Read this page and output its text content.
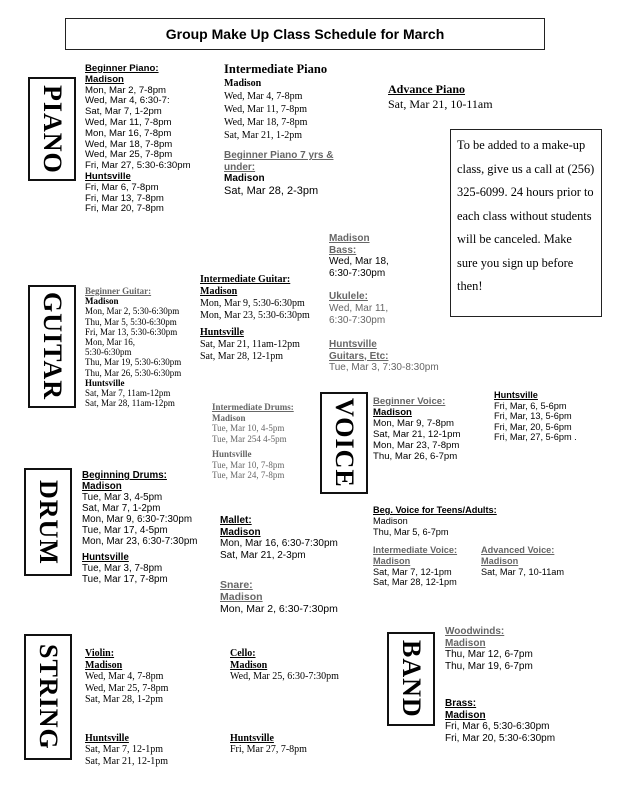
Group Make Up Class Schedule for March
PIANO
GUITAR
DRUM
STRING
VOICE
BAND
To be added to a make-up class, give us a call at (256) 325-6099. 24 hours prior to each class without students will be canceled. Make sure you sign up before then!
Beginner Piano:
Madison
Mon, Mar 2, 7-8pm
Wed, Mar 4, 6:30-7:
Sat, Mar 7, 1-2pm
Wed, Mar 11, 7-8pm
Mon, Mar 16, 7-8pm
Wed, Mar 18, 7-8pm
Wed, Mar 25, 7-8pm
Fri, Mar 27, 5:30-6:30pm
Huntsville
Fri, Mar 6, 7-8pm
Fri, Mar 13, 7-8pm
Fri, Mar 20, 7-8pm
Intermediate Piano
Madison
Wed, Mar 4, 7-8pm
Wed, Mar 11, 7-8pm
Wed, Mar 18, 7-8pm
Sat, Mar 21, 1-2pm
Beginner Piano 7 yrs &
under:
Madison
Sat, Mar 28, 2-3pm
Advance Piano
Sat, Mar 21, 10-11am
Beginner Guitar:
Madison
Mon, Mar 2, 5:30-6:30pm
Thu, Mar 5, 5:30-6:30pm
Fri, Mar 13, 5:30-6:30pm
Mon, Mar 16,
5:30-6:30pm
Thu, Mar 19, 5:30-6:30pm
Thu, Mar 26, 5:30-6:30pm
Huntsville
Sat, Mar 7, 11am-12pm
Sat, Mar 28, 11am-12pm
Intermediate Guitar:
Madison
Mon, Mar 9, 5:30-6:30pm
Mon, Mar 23, 5:30-6:30pm
Huntsville
Sat, Mar 21, 11am-12pm
Sat, Mar 28, 12-1pm
Madison
Bass:
Wed, Mar 18,
6:30-7:30pm
Ukulele:
Wed, Mar 11,
6:30-7:30pm
Huntsville
Guitars, Etc:
Tue, Mar 3, 7:30-8:30pm
Beginning Drums:
Madison
Tue, Mar 3, 4-5pm
Sat, Mar 7, 1-2pm
Mon, Mar 9, 6:30-7:30pm
Tue, Mar 17, 4-5pm
Mon, Mar 23, 6:30-7:30pm
Huntsville
Tue, Mar 3, 7-8pm
Tue, Mar 17, 7-8pm
Intermediate Drums:
Madison
Tue, Mar 10, 4-5pm
Tue, Mar 254 4-5pm
Huntsville
Tue, Mar 10, 7-8pm
Tue, Mar 24, 7-8pm
Mallet:
Madison
Mon, Mar 16, 6:30-7:30pm
Sat, Mar 21, 2-3pm
Snare:
Madison
Mon, Mar 2, 6:30-7:30pm
Beginner Voice:
Madison
Mon, Mar 9, 7-8pm
Sat, Mar 21, 12-1pm
Mon, Mar 23, 7-8pm
Thu, Mar 26, 6-7pm
Huntsville
Fri, Mar, 6, 5-6pm
Fri, Mar, 13, 5-6pm
Fri, Mar, 20, 5-6pm
Fri, Mar, 27, 5-6pm .
Beg. Voice for Teens/Adults:
Madison
Thu, Mar 5, 6-7pm
Intermediate Voice:
Madison
Sat, Mar 7, 12-1pm
Sat, Mar 28, 12-1pm
Advanced Voice:
Madison
Sat, Mar 7, 10-11am
Violin:
Madison
Wed, Mar 4, 7-8pm
Wed, Mar 25, 7-8pm
Sat, Mar 28, 1-2pm
Huntsville
Sat, Mar 7, 12-1pm
Sat, Mar 21, 12-1pm
Cello:
Madison
Wed, Mar 25, 6:30-7:30pm
Huntsville
Fri, Mar 27, 7-8pm
Woodwinds:
Madison
Thu, Mar 12, 6-7pm
Thu, Mar 19, 6-7pm
Brass:
Madison
Fri, Mar 6, 5:30-6:30pm
Fri, Mar 20, 5:30-6:30pm
